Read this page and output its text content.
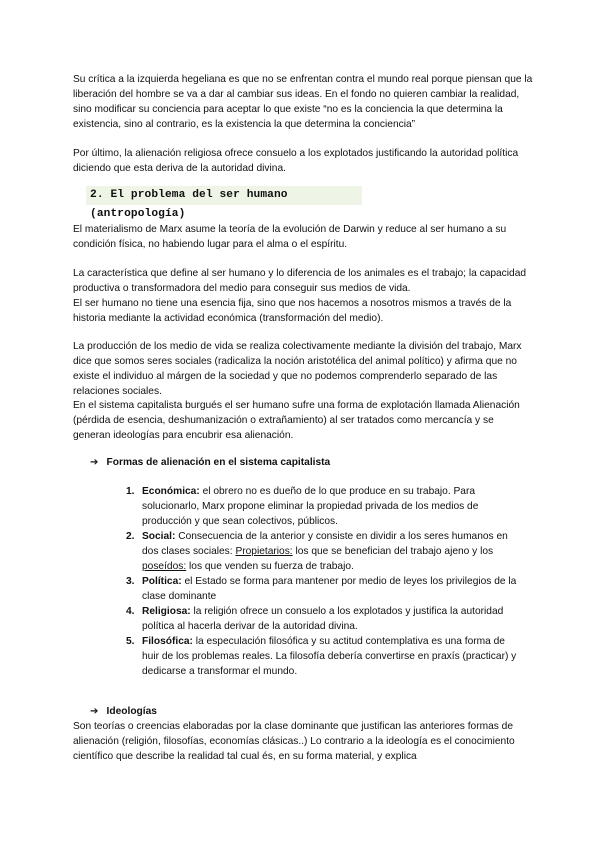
Su crítica a la izquierda hegeliana es que no se enfrentan contra el mundo real porque piensan que la liberación del hombre se va a dar al cambiar sus ideas. En el fondo no quieren cambiar la realidad, sino modificar su conciencia para aceptar lo que existe “no es la conciencia la que determina la existencia, sino al contrario, es la existencia la que determina la conciencia”

Por último, la alienación religiosa ofrece consuelo a los explotados justificando la autoridad política diciendo que esta deriva de la autoridad divina.

2. El problema del ser humano (antropología)

El materialismo de Marx asume la teoría de la evolución de Darwin y reduce al ser humano a su condición física, no habiendo lugar para el alma o el espíritu.

La característica que define al ser humano y lo diferencia de los animales es el trabajo; la capacidad productiva o transformadora del medio para conseguir sus medios de vida.

El ser humano no tiene una esencia fija, sino que nos hacemos a nosotros mismos a través de la historia mediante la actividad económica (transformación del medio).

La producción de los medio de vida se realiza colectivamente mediante la división del trabajo, Marx dice que somos seres sociales (radicaliza la noción aristotélica del animal político) y afirma que no existe el individuo al márgen de la sociedad y que no podemos comprenderlo separado de las relaciones sociales.

En el sistema capitalista burgués el ser humano sufre una forma de explotación llamada Alienación (pérdida de esencia, deshumanización o extrañamiento) al ser tratados como mercancía y se generan ideologías para encubrir esa alienación.

➔ Formas de alienación en el sistema capitalista
1. Económica: el obrero no es dueño de lo que produce en su trabajo. Para solucionarlo, Marx propone eliminar la propiedad privada de los medios de producción y que sean colectivos, públicos.
2. Social: Consecuencia de la anterior y consiste en dividir a los seres humanos en dos clases sociales: Propietarios: los que se benefician del trabajo ajeno y los poseídos: los que venden su fuerza de trabajo.
3. Política: el Estado se forma para mantener por medio de leyes los privilegios de la clase dominante
4. Religiosa: la religión ofrece un consuelo a los explotados y justifica la autoridad política al hacerla derivar de la autoridad divina.
5. Filosófica: la especulación filosófica y su actitud contemplativa es una forma de huir de los problemas reales. La filosofía debería convertirse en praxís (practicar) y dedicarse a transformar el mundo.
➔ Ideologías

Son teorías o creencias elaboradas por la clase dominante que justifican las anteriores formas de alienación (religión, filosofías, economías clásicas..) Lo contrario a la ideología es el conocimiento científico que describe la realidad tal cual és, en su forma material, y explica
